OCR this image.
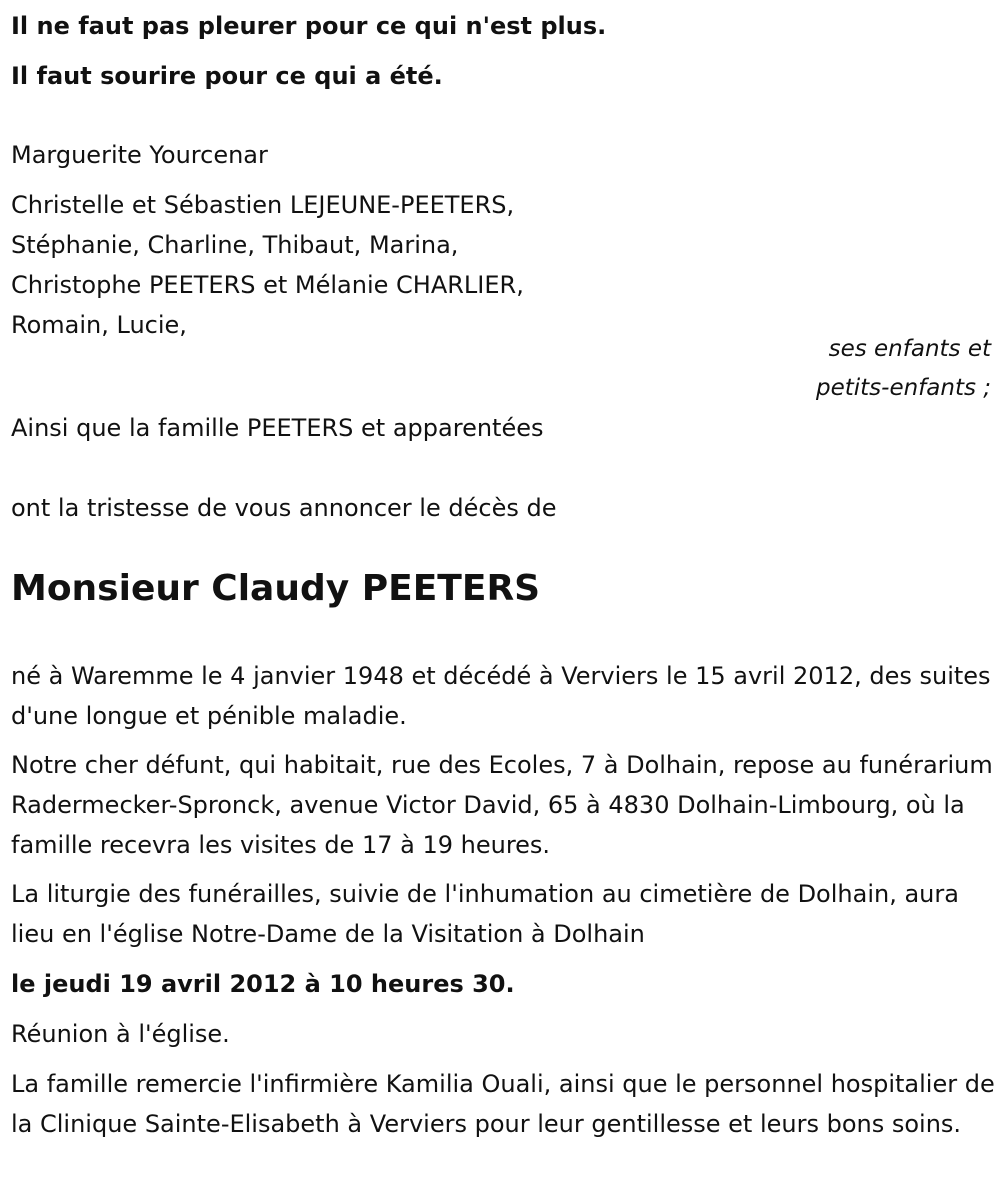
Il ne faut pas pleurer pour ce qui n'est plus.
Il faut sourire pour ce qui a été.
Marguerite Yourcenar
Christelle et Sébastien LEJEUNE-PEETERS,
Stéphanie, Charline, Thibaut, Marina,
Christophe PEETERS et Mélanie CHARLIER,
Romain, Lucie,
ses enfants et
petits-enfants ;
Ainsi que la famille PEETERS et apparentées
ont la tristesse de vous annoncer le décès de
Monsieur Claudy PEETERS
né à Waremme le 4 janvier 1948 et décédé à Verviers le 15 avril 2012, des suites d'une longue et pénible maladie.
Notre cher défunt, qui habitait, rue des Ecoles, 7 à Dolhain, repose au funérarium Radermecker-Spronck, avenue Victor David, 65 à 4830 Dolhain-Limbourg, où la famille recevra les visites de 17 à 19 heures.
La liturgie des funérailles, suivie de l'inhumation au cimetière de Dolhain, aura lieu en l'église Notre-Dame de la Visitation à Dolhain
le jeudi 19 avril 2012 à 10 heures 30.
Réunion à l'église.
La famille remercie l'infirmière Kamilia Ouali, ainsi que le personnel hospitalier de la Clinique Sainte-Elisabeth à Verviers pour leur gentillesse et leurs bons soins.
